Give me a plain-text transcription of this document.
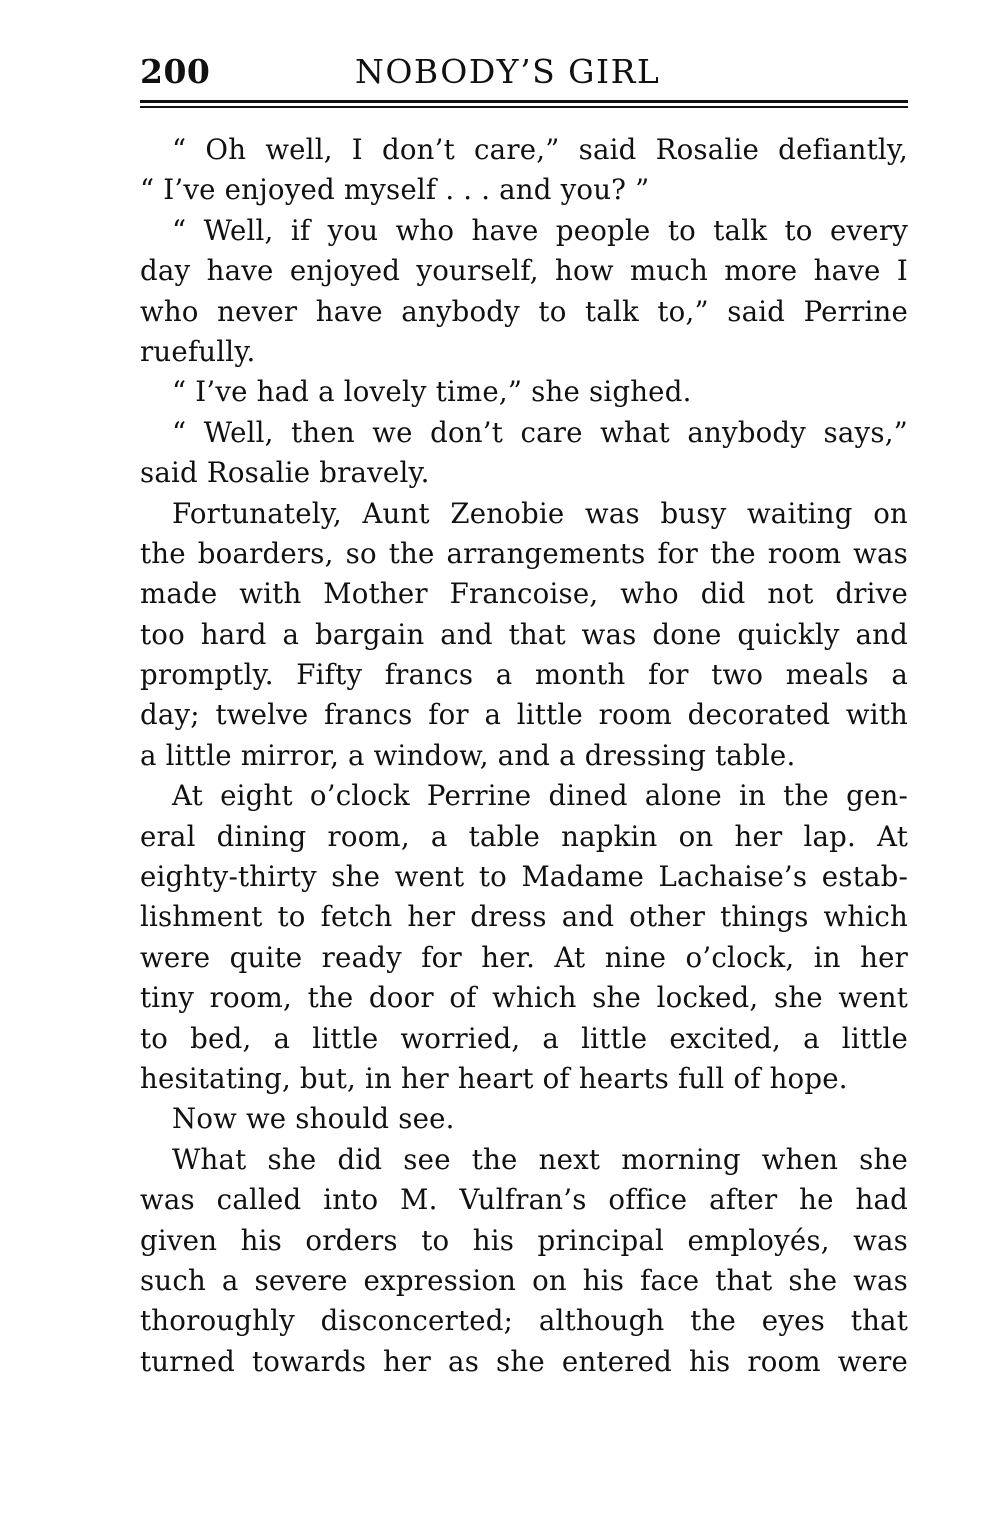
200	NOBODY’S GIRL
“ Oh well, I don’t care,” said Rosalie defiantly,
“ I’ve enjoyed myself . . . and you? ”
“ Well, if you who have people to talk to every
day have enjoyed yourself, how much more have I
who never have anybody to talk to,” said Perrine
ruefully.
“ I’ve had a lovely time,” she sighed.
“ Well, then we don’t care what anybody says,”
said Rosalie bravely.
Fortunately, Aunt Zenobie was busy waiting on
the boarders, so the arrangements for the room was
made with Mother Francoise, who did not drive
too hard a bargain and that was done quickly and
promptly. Fifty francs a month for two meals a
day; twelve francs for a little room decorated with
a little mirror, a window, and a dressing table.
At eight o’clock Perrine dined alone in the gen-
eral dining room, a table napkin on her lap. At
eighty-thirty she went to Madame Lachaise’s estab-
lishment to fetch her dress and other things which
were quite ready for her. At nine o’clock, in her
tiny room, the door of which she locked, she went
to bed, a little worried, a little excited, a little
hesitating, but, in her heart of hearts full of hope.
Now we should see.
What she did see the next morning when she
was called into M. Vulfran’s office after he had
given his orders to his principal employés, was
such a severe expression on his face that she was
thoroughly disconcerted; although the eyes that
turned towards her as she entered his room were
